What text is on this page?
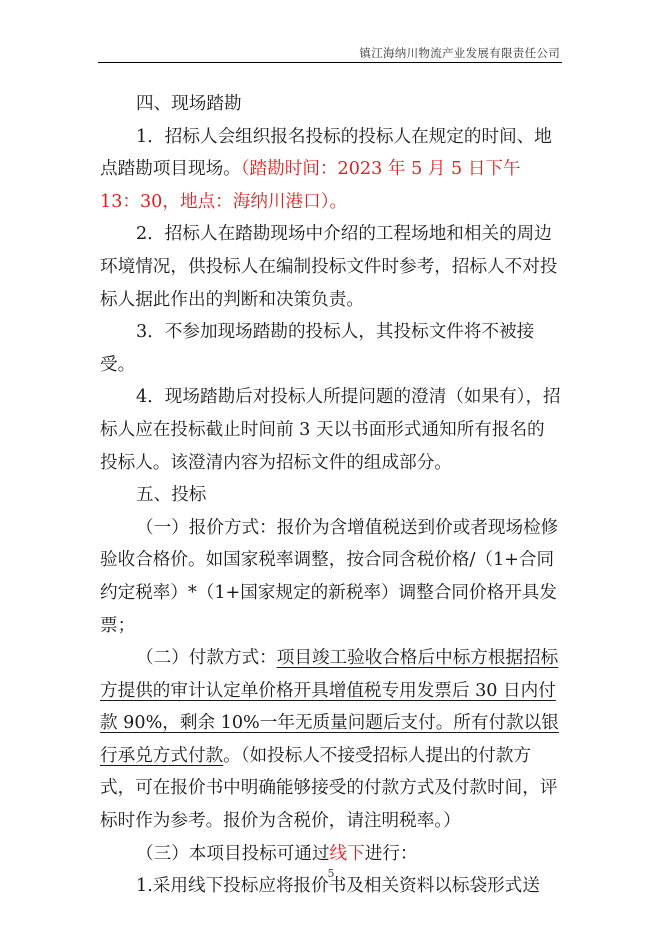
镇江海纳川物流产业发展有限责任公司

四、现场踏勘

1．招标人会组织报名投标的投标人在规定的时间、地点踏勘项目现场。（踏勘时间：2023 年 5 月 5 日下午 13：30，地点：海纳川港口）。

2．招标人在踏勘现场中介绍的工程场地和相关的周边环境情况，供投标人在编制投标文件时参考，招标人不对投标人据此作出的判断和决策负责。

3．不参加现场踏勘的投标人，其投标文件将不被接受。

4．现场踏勘后对投标人所提问题的澄清（如果有），招标人应在投标截止时间前 3 天以书面形式通知所有报名的投标人。该澄清内容为招标文件的组成部分。

五、投标

（一）报价方式：报价为含增值税送到价或者现场检修验收合格价。如国家税率调整，按合同含税价格/（1+合同约定税率）*（1+国家规定的新税率）调整合同价格开具发票；

（二）付款方式：项目竣工验收合格后中标方根据招标方提供的审计认定单价格开具增值税专用发票后 30 日内付款 90%，剩余 10%一年无质量问题后支付。所有付款以银行承兑方式付款。（如投标人不接受招标人提出的付款方式，可在报价书中明确能够接受的付款方式及付款时间，评标时作为参考。报价为含税价，请注明税率。）

（三）本项目投标可通过线下进行：

1.采用线下投标应将报价书及相关资料以标袋形式送

5
